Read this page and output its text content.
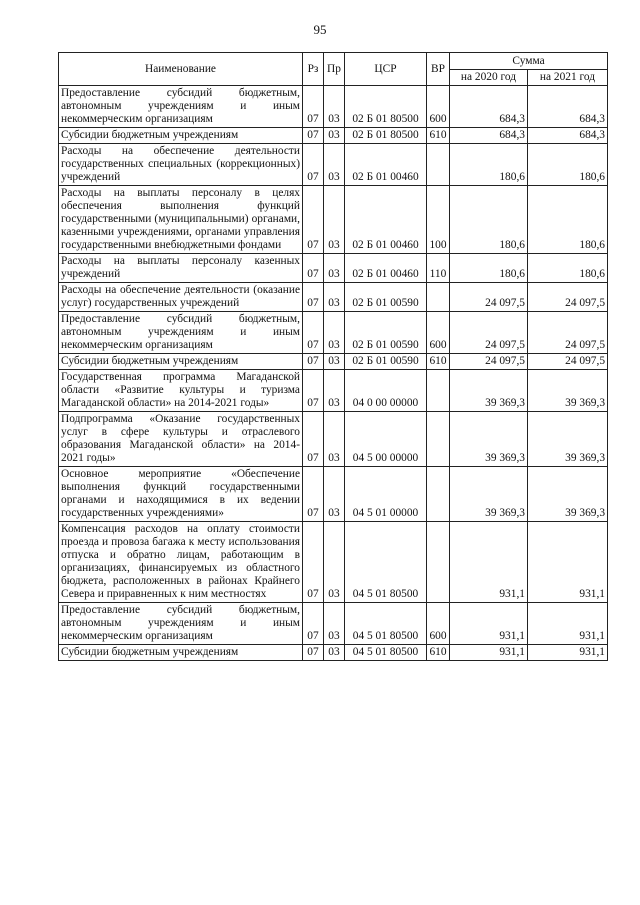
95
Наименование	Рз	Пр	ЦСР	ВР	Сумма	
					на 2020 год	на 2021 год
Предоставление субсидий бюджетным, автономным учреждениям и иным некоммерческим организациям	07	03	02 Б 01 80500	600	684,3	684,3
Субсидии бюджетным учреждениям	07	03	02 Б 01 80500	610	684,3	684,3
Расходы на обеспечение деятельности государственных специальных (коррекционных) учреждений	07	03	02 Б 01 00460		180,6	180,6
Расходы на выплаты персоналу в целях обеспечения выполнения функций государственными (муниципальными) органами, казенными учреждениями, органами управления государственными внебюджетными фондами	07	03	02 Б 01 00460	100	180,6	180,6
Расходы на выплаты персоналу казенных учреждений	07	03	02 Б 01 00460	110	180,6	180,6
Расходы на обеспечение деятельности (оказание услуг) государственных учреждений	07	03	02 Б 01 00590		24 097,5	24 097,5
Предоставление субсидий бюджетным, автономным учреждениям и иным некоммерческим организациям	07	03	02 Б 01 00590	600	24 097,5	24 097,5
Субсидии бюджетным учреждениям	07	03	02 Б 01 00590	610	24 097,5	24 097,5
Государственная программа Магаданской области «Развитие культуры и туризма Магаданской области» на 2014-2021 годы»	07	03	04 0 00 00000		39 369,3	39 369,3
Подпрограмма «Оказание государственных услуг в сфере культуры и отраслевого образования Магаданской области» на 2014-2021 годы»	07	03	04 5 00 00000		39 369,3	39 369,3
Основное мероприятие «Обеспечение выполнения функций государственными органами и находящимися в их ведении государственных учреждениями»	07	03	04 5 01 00000		39 369,3	39 369,3
Компенсация расходов на оплату стоимости проезда и провоза багажа к месту использования отпуска и обратно лицам, работающим в организациях, финансируемых из областного бюджета, расположенных в районах Крайнего Севера и приравненных к ним местностях	07	03	04 5 01 80500		931,1	931,1
Предоставление субсидий бюджетным, автономным учреждениям и иным некоммерческим организациям	07	03	04 5 01 80500	600	931,1	931,1
Субсидии бюджетным учреждениям	07	03	04 5 01 80500	610	931,1	931,1
